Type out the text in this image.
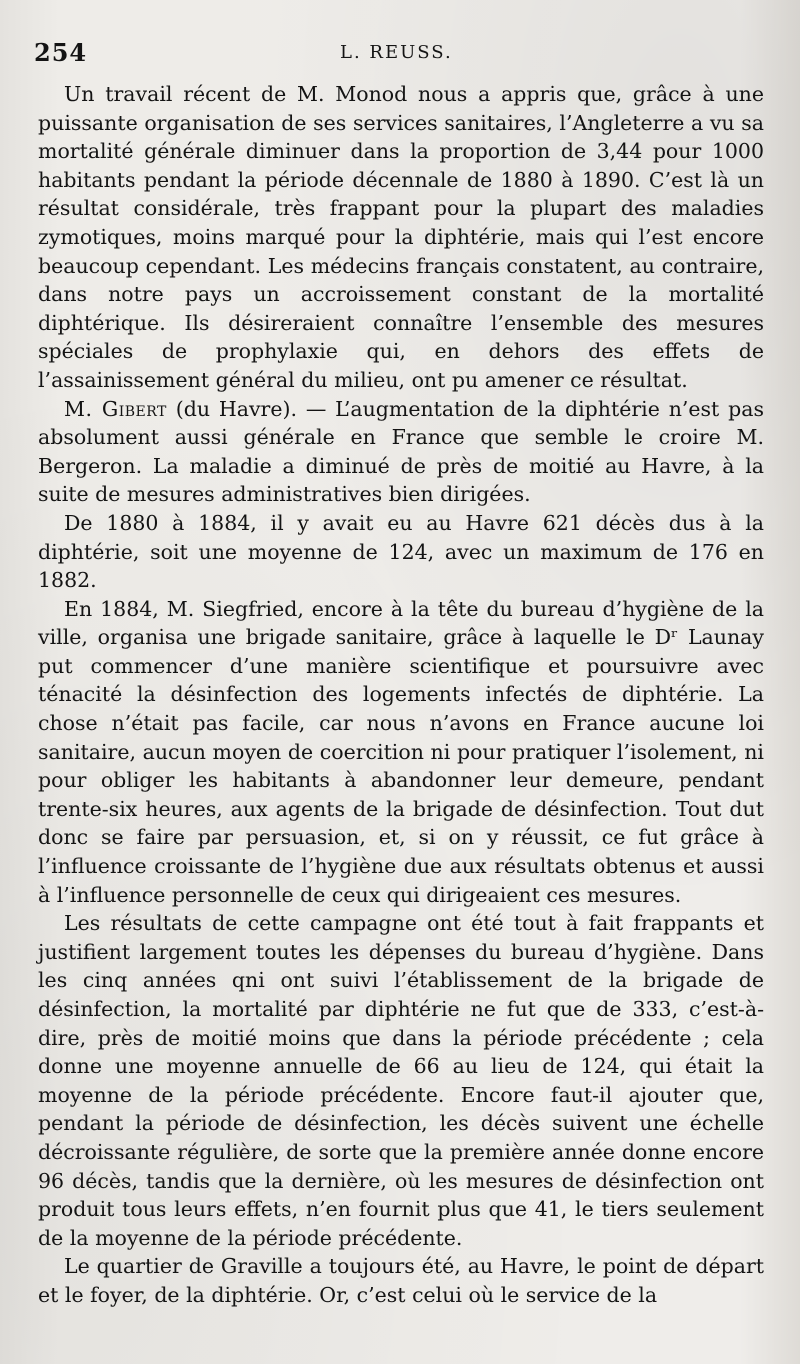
254	L. REUSS.

Un travail récent de M. Monod nous a appris que, grâce à une puissante organisation de ses services sanitaires, l’Angleterre a vu sa mortalité générale diminuer dans la proportion de 3,44 pour 1000 habitants pendant la période décennale de 1880 à 1890. C’est là un résultat considérale, très frappant pour la plupart des maladies zymotiques, moins marqué pour la diphtérie, mais qui l’est encore beaucoup cependant. Les médecins français constatent, au contraire, dans notre pays un accroissement constant de la mortalité diphtérique. Ils désireraient connaître l’ensemble des mesures spéciales de prophylaxie qui, en dehors des effets de l’assainissement général du milieu, ont pu amener ce résultat.

M. Gibert (du Havre). — L’augmentation de la diphtérie n’est pas absolument aussi générale en France que semble le croire M. Bergeron. La maladie a diminué de près de moitié au Havre, à la suite de mesures administratives bien dirigées.

De 1880 à 1884, il y avait eu au Havre 621 décès dus à la diphtérie, soit une moyenne de 124, avec un maximum de 176 en 1882.

En 1884, M. Siegfried, encore à la tête du bureau d’hygiène de la ville, organisa une brigade sanitaire, grâce à laquelle le Dʳ Launay put commencer d’une manière scientifique et poursuivre avec ténacité la désinfection des logements infectés de diphtérie. La chose n’était pas facile, car nous n’avons en France aucune loi sanitaire, aucun moyen de coercition ni pour pratiquer l’isolement, ni pour obliger les habitants à abandonner leur demeure, pendant trente-six heures, aux agents de la brigade de désinfection. Tout dut donc se faire par persuasion, et, si on y réussit, ce fut grâce à l’influence croissante de l’hygiène due aux résultats obtenus et aussi à l’influence personnelle de ceux qui dirigeaient ces mesures.

Les résultats de cette campagne ont été tout à fait frappants et justifient largement toutes les dépenses du bureau d’hygiène. Dans les cinq années qni ont suivi l’établissement de la brigade de désinfection, la mortalité par diphtérie ne fut que de 333, c’est-à-dire, près de moitié moins que dans la période précédente ; cela donne une moyenne annuelle de 66 au lieu de 124, qui était la moyenne de la période précédente. Encore faut-il ajouter que, pendant la période de désinfection, les décès suivent une échelle décroissante régulière, de sorte que la première année donne encore 96 décès, tandis que la dernière, où les mesures de désinfection ont produit tous leurs effets, n’en fournit plus que 41, le tiers seulement de la moyenne de la période précédente.

Le quartier de Graville a toujours été, au Havre, le point de départ et le foyer, de la diphtérie. Or, c’est celui où le service de la
